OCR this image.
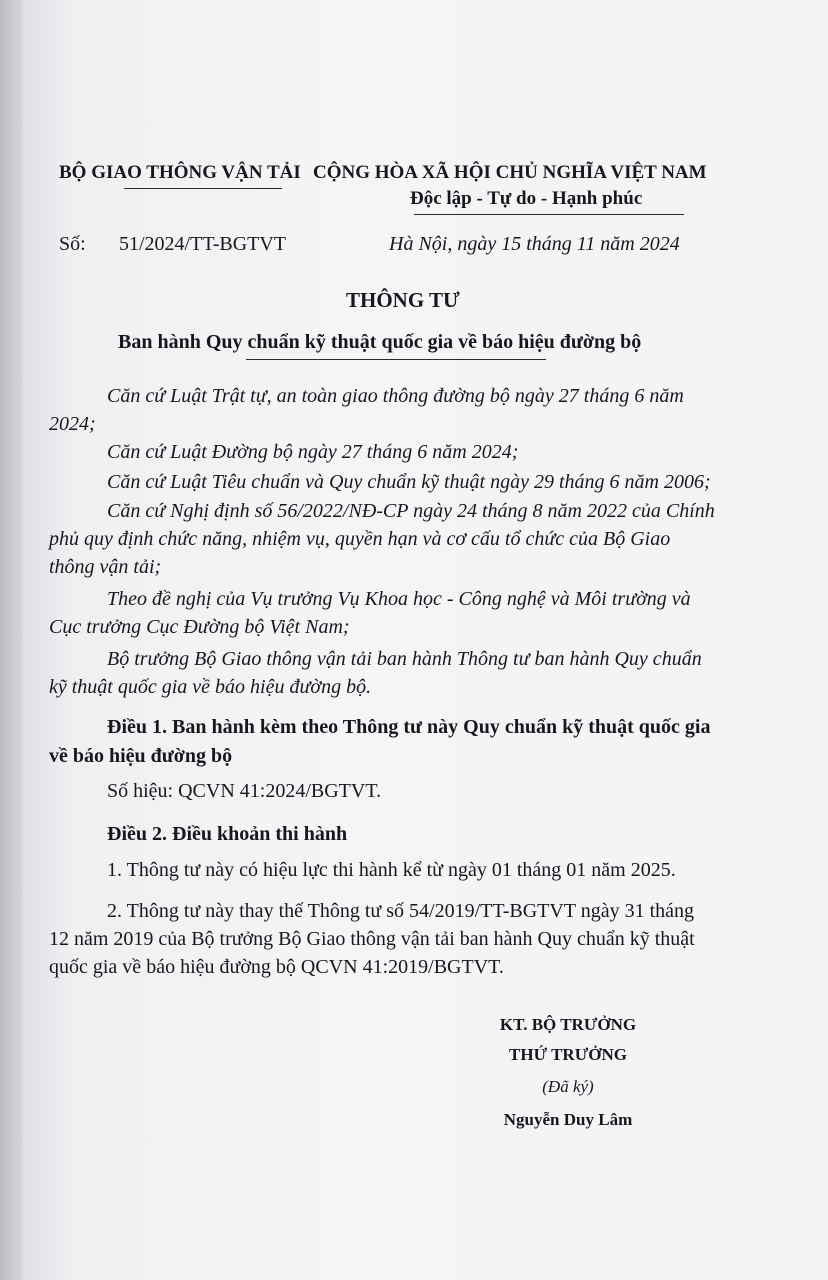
BỘ GIAO THÔNG VẬN TẢI CỘNG HÒA XÃ HỘI CHỦ NGHĨA VIỆT NAM
Độc lập - Tự do - Hạnh phúc
Số: 51/2024/TT-BGTVT	Hà Nội, ngày 15 tháng 11 năm 2024
THÔNG TƯ
Ban hành Quy chuẩn kỹ thuật quốc gia về báo hiệu đường bộ
Căn cứ Luật Trật tự, an toàn giao thông đường bộ ngày 27 tháng 6 năm
2024;
Căn cứ Luật Đường bộ ngày 27 tháng 6 năm 2024;
Căn cứ Luật Tiêu chuẩn và Quy chuẩn kỹ thuật ngày 29 tháng 6 năm 2006;
Căn cứ Nghị định số 56/2022/NĐ-CP ngày 24 tháng 8 năm 2022 của Chính
phủ quy định chức năng, nhiệm vụ, quyền hạn và cơ cấu tổ chức của Bộ Giao
thông vận tải;
Theo đề nghị của Vụ trưởng Vụ Khoa học - Công nghệ và Môi trường và
Cục trưởng Cục Đường bộ Việt Nam;
Bộ trưởng Bộ Giao thông vận tải ban hành Thông tư ban hành Quy chuẩn
kỹ thuật quốc gia về báo hiệu đường bộ.
Điều 1. Ban hành kèm theo Thông tư này Quy chuẩn kỹ thuật quốc gia
về báo hiệu đường bộ
Số hiệu: QCVN 41:2024/BGTVT.
Điều 2. Điều khoản thi hành
1. Thông tư này có hiệu lực thi hành kể từ ngày 01 tháng 01 năm 2025.
2. Thông tư này thay thế Thông tư số 54/2019/TT-BGTVT ngày 31 tháng
12 năm 2019 của Bộ trưởng Bộ Giao thông vận tải ban hành Quy chuẩn kỹ thuật
quốc gia về báo hiệu đường bộ QCVN 41:2019/BGTVT.
KT. BỘ TRƯỞNG
THỨ TRƯỞNG
(Đã ký)
Nguyễn Duy Lâm
